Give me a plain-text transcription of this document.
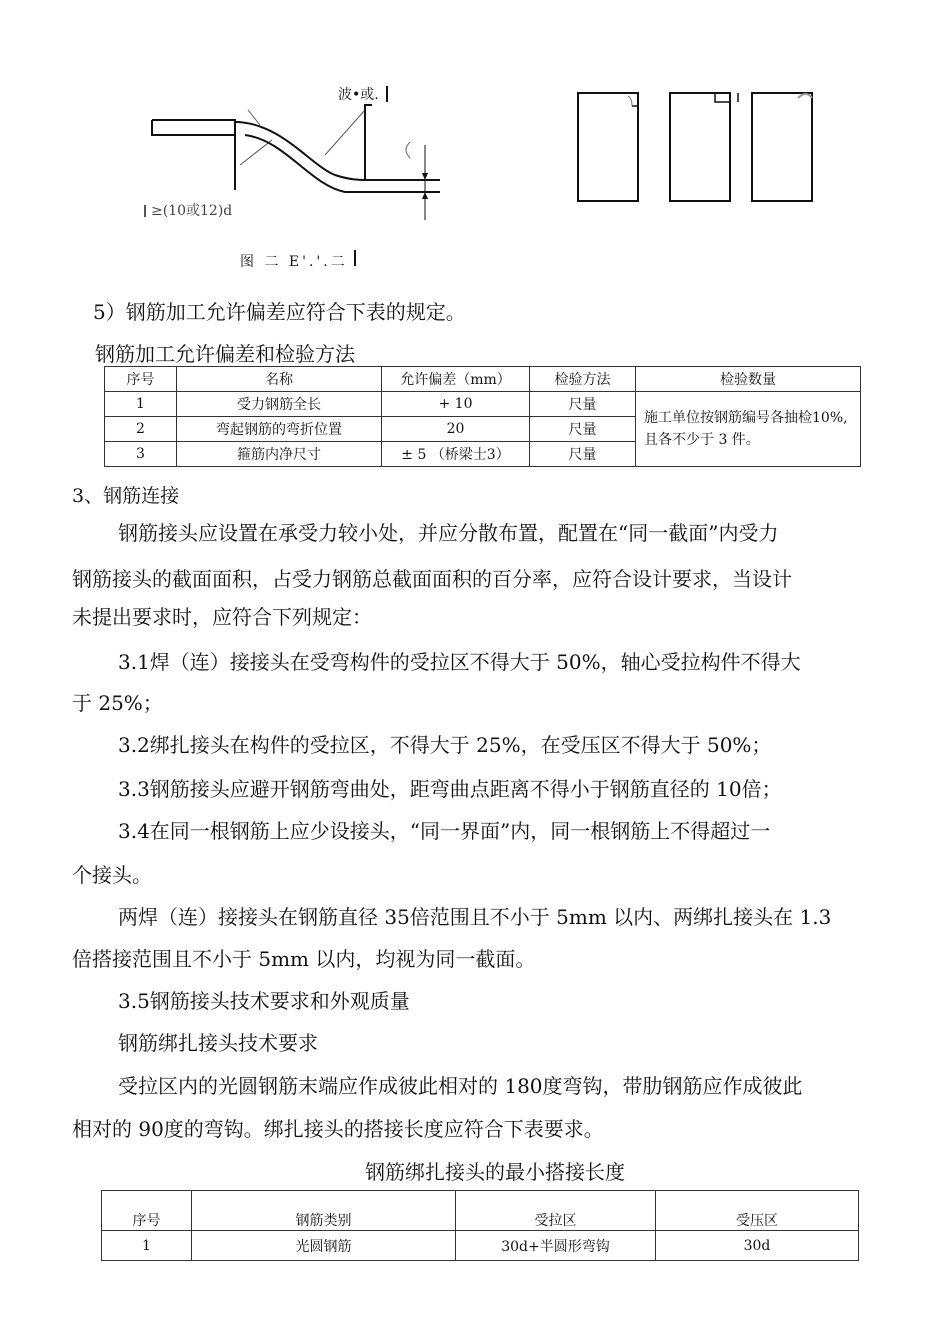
波•或.
≥(10或12)d
图 二 E'.'.二
5）钢筋加工允许偏差应符合下表的规定。
钢筋加工允许偏差和检验方法
序号	名称	允许偏差（mm）	检验方法	检验数量
1	受力钢筋全长	+ 10	尺量	施工单位按钢筋编号各抽检10%,且各不少于 3 件。
2	弯起钢筋的弯折位置	20	尺量	
3	箍筋内净尺寸	± 5 （桥梁士3）	尺量	
3、钢筋连接
钢筋接头应设置在承受力较小处，并应分散布置，配置在“同一截面”内受力
钢筋接头的截面面积，占受力钢筋总截面面积的百分率，应符合设计要求，当设计
未提出要求时，应符合下列规定：
3.1焊（连）接接头在受弯构件的受拉区不得大于 50%，轴心受拉构件不得大
于 25%；
3.2绑扎接头在构件的受拉区，不得大于 25%，在受压区不得大于 50%；
3.3钢筋接头应避开钢筋弯曲处，距弯曲点距离不得小于钢筋直径的 10倍；
3.4在同一根钢筋上应少设接头，“同一界面”内，同一根钢筋上不得超过一
个接头。
两焊（连）接接头在钢筋直径 35倍范围且不小于 5mm 以内、两绑扎接头在 1.3
倍搭接范围且不小于 5mm 以内，均视为同一截面。
3.5钢筋接头技术要求和外观质量
钢筋绑扎接头技术要求
受拉区内的光圆钢筋末端应作成彼此相对的 180度弯钩，带肋钢筋应作成彼此
相对的 90度的弯钩。绑扎接头的搭接长度应符合下表要求。
钢筋绑扎接头的最小搭接长度
序号	钢筋类别	受拉区	受压区
1	光圆钢筋	30d+半圆形弯钩	30d
